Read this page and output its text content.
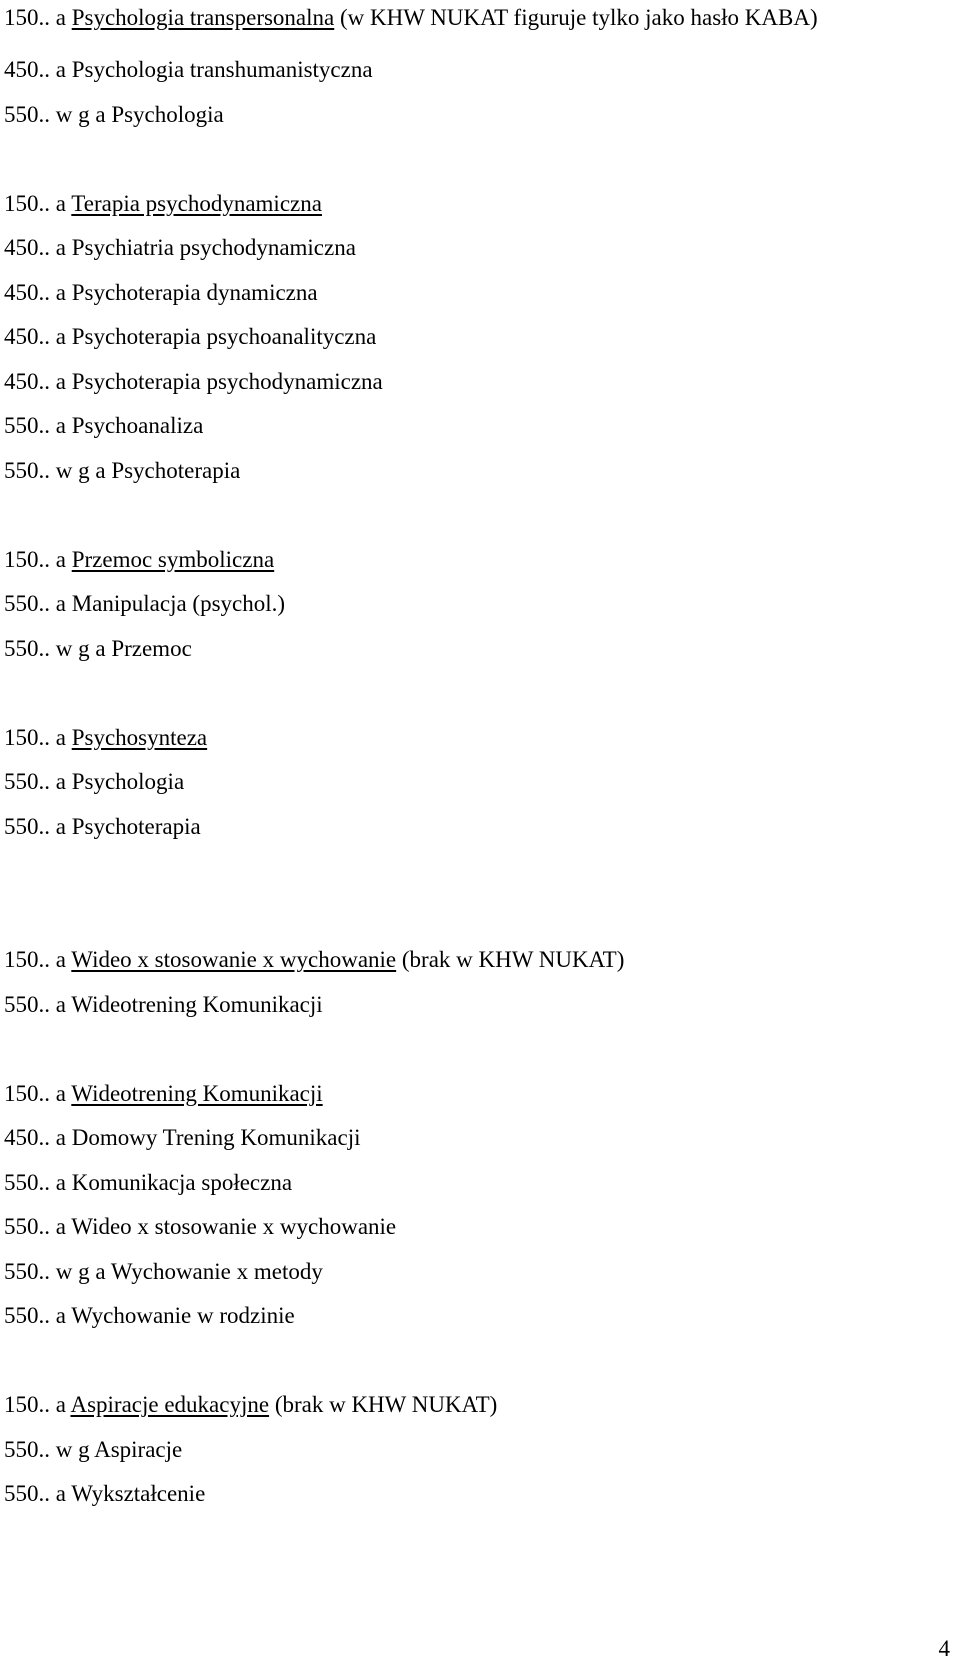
150.. a Psychologia transpersonalna (w KHW NUKAT figuruje tylko jako hasło KABA)
450.. a Psychologia transhumanistyczna
550.. w g a Psychologia
150.. a Terapia psychodynamiczna
450.. a Psychiatria psychodynamiczna
450.. a Psychoterapia dynamiczna
450.. a Psychoterapia psychoanalityczna
450.. a Psychoterapia psychodynamiczna
550.. a Psychoanaliza
550.. w g a Psychoterapia
150.. a Przemoc symboliczna
550.. a Manipulacja (psychol.)
550.. w g a Przemoc
150.. a Psychosynteza
550.. a Psychologia
550.. a Psychoterapia
150.. a Wideo x stosowanie x wychowanie (brak w KHW NUKAT)
550.. a Wideotrening Komunikacji
150.. a Wideotrening Komunikacji
450.. a Domowy Trening Komunikacji
550.. a Komunikacja społeczna
550.. a Wideo x stosowanie x wychowanie
550.. w g a Wychowanie x metody
550.. a Wychowanie w rodzinie
150.. a Aspiracje edukacyjne (brak w KHW NUKAT)
550.. w g Aspiracje
550.. a Wykształcenie
4
